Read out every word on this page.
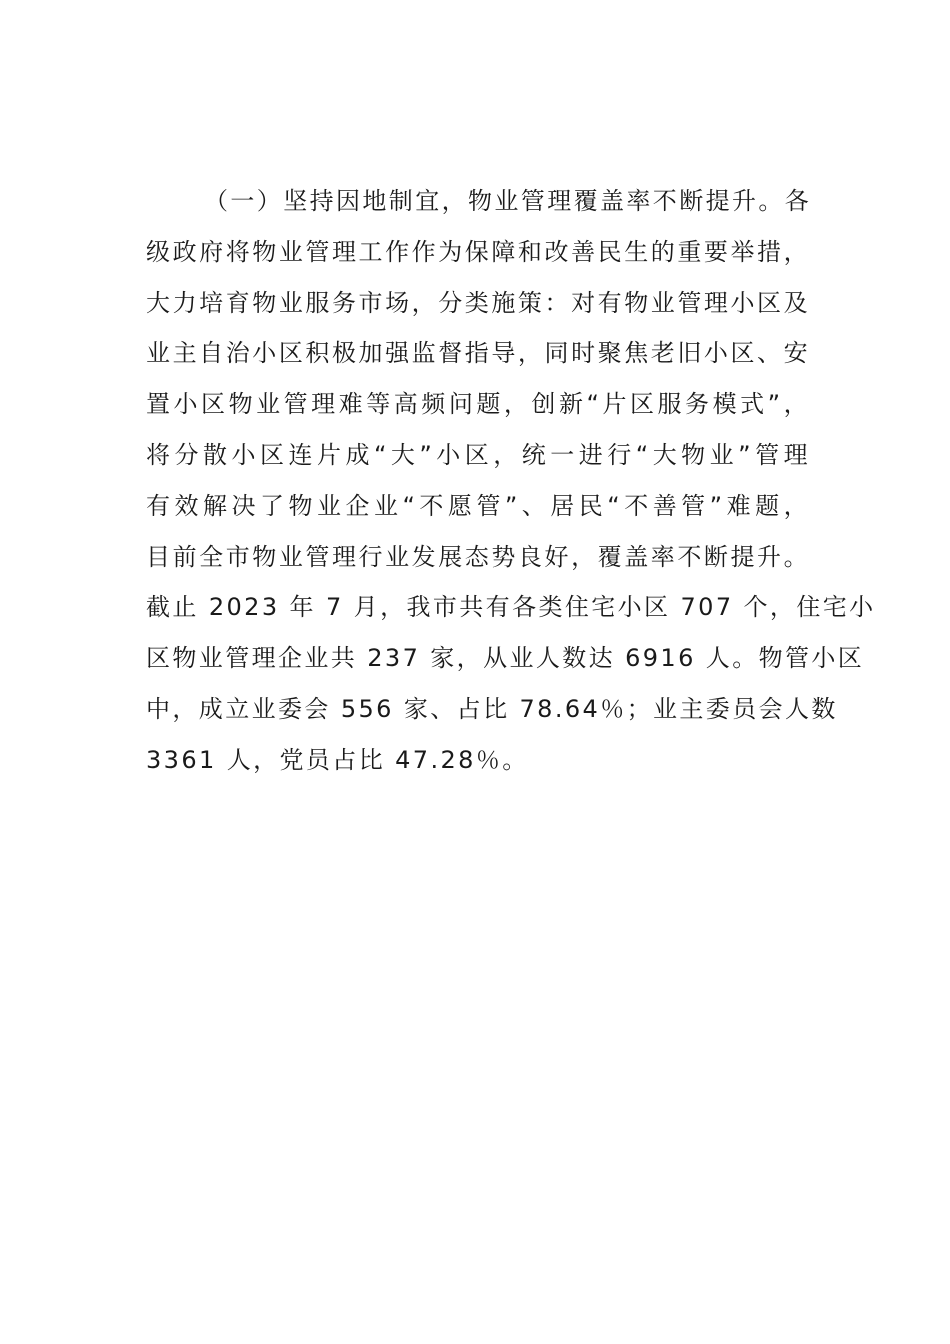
（一）坚持因地制宜，物业管理覆盖率不断提升。各
级政府将物业管理工作作为保障和改善民生的重要举措，
大力培育物业服务市场，分类施策：对有物业管理小区及
业主自治小区积极加强监督指导，同时聚焦老旧小区、安
置小区物业管理难等高频问题，创新“片区服务模式”，
将分散小区连片成“大”小区，统一进行“大物业”管理
有效解决了物业企业“不愿管”、居民“不善管”难题，
目前全市物业管理行业发展态势良好，覆盖率不断提升。
截止 2023 年 7 月，我市共有各类住宅小区 707 个，住宅小
区物业管理企业共 237 家，从业人数达 6916 人。物管小区
中，成立业委会 556 家、占比 78.64％；业主委员会人数
3361 人，党员占比 47.28％。
